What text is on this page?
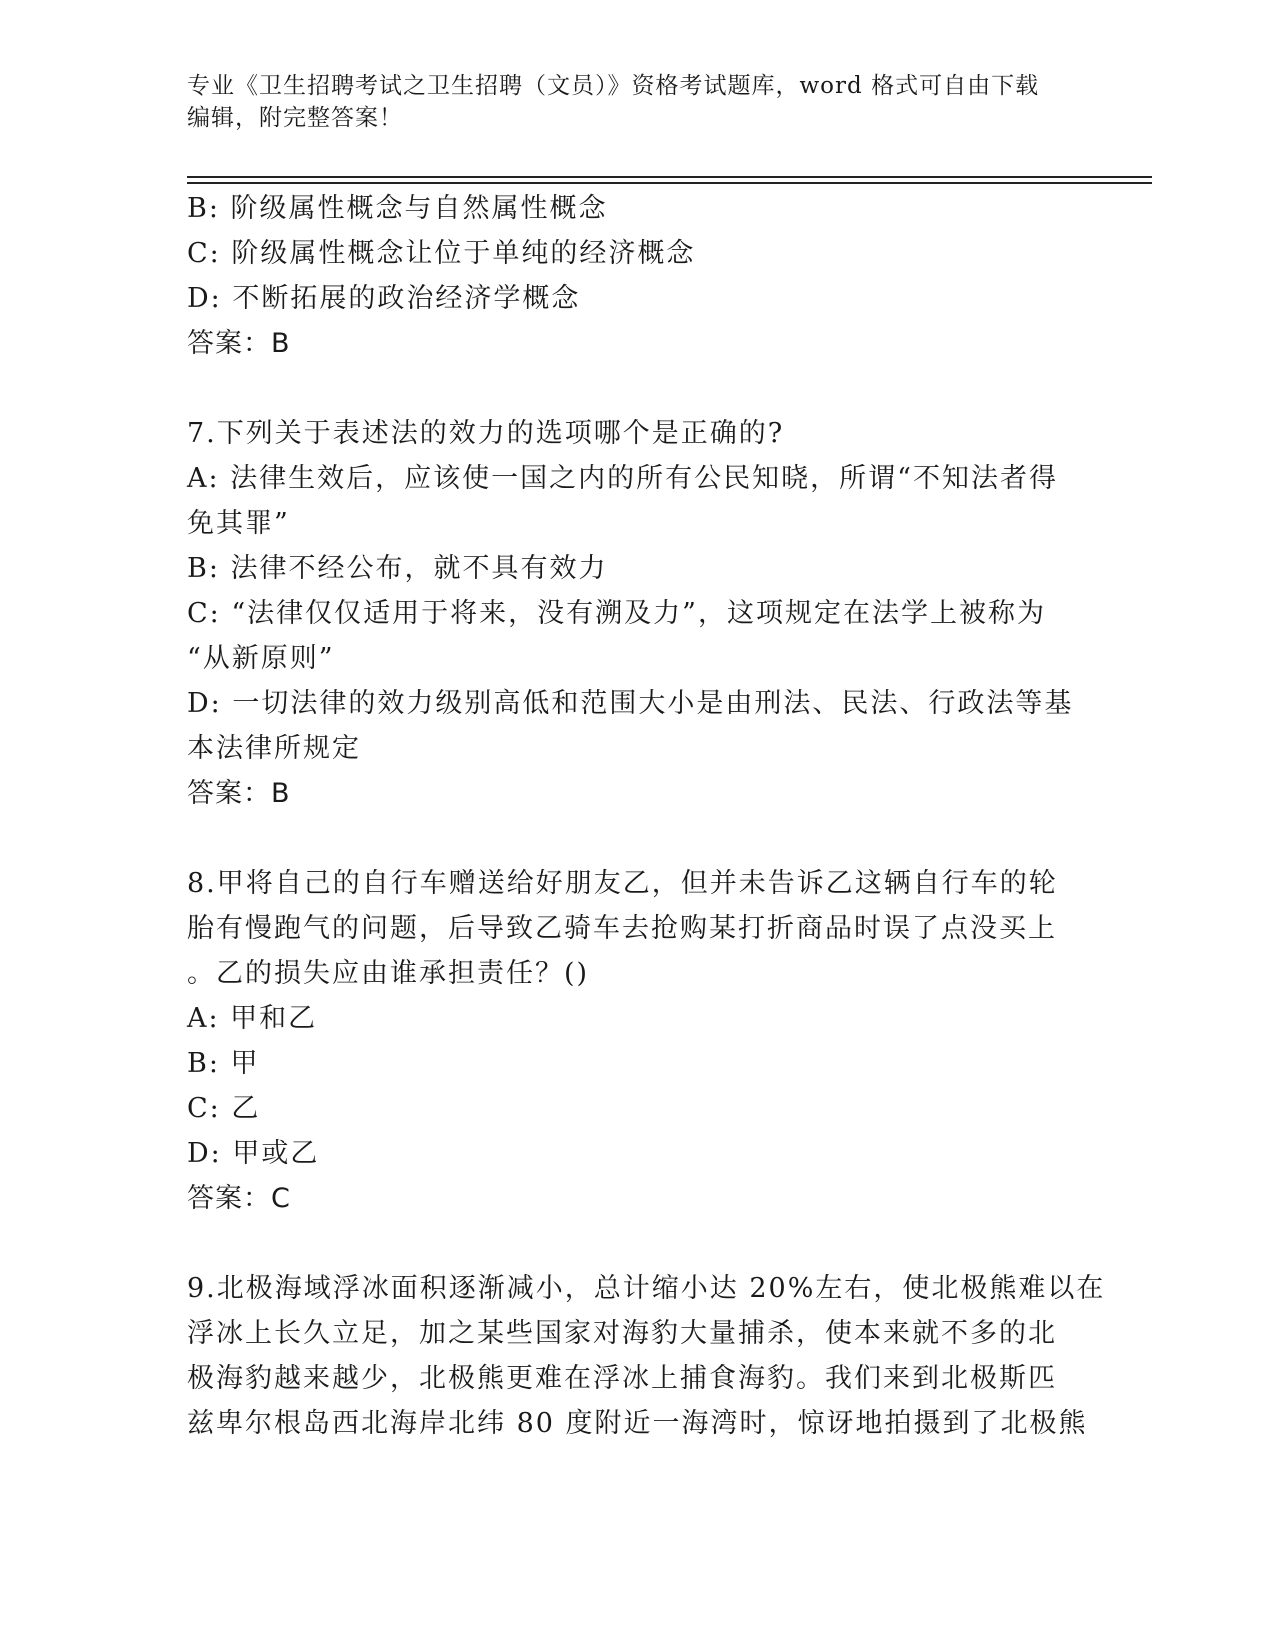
专业《卫生招聘考试之卫生招聘（文员）》资格考试题库，word 格式可自由下载
编辑，附完整答案！
B: 阶级属性概念与自然属性概念
C: 阶级属性概念让位于单纯的经济概念
D: 不断拓展的政治经济学概念
答案：B
7.下列关于表述法的效力的选项哪个是正确的?
A: 法律生效后，应该使一国之内的所有公民知晓，所谓“不知法者得
免其罪”
B: 法律不经公布，就不具有效力
C: “法律仅仅适用于将来，没有溯及力”，这项规定在法学上被称为
“从新原则”
D: 一切法律的效力级别高低和范围大小是由刑法、民法、行政法等基
本法律所规定
答案：B
8.甲将自己的自行车赠送给好朋友乙，但并未告诉乙这辆自行车的轮
胎有慢跑气的问题，后导致乙骑车去抢购某打折商品时误了点没买上
。乙的损失应由谁承担责任？()
A: 甲和乙
B: 甲
C: 乙
D: 甲或乙
答案：C
9.北极海域浮冰面积逐渐减小，总计缩小达 20%左右，使北极熊难以在
浮冰上长久立足，加之某些国家对海豹大量捕杀，使本来就不多的北
极海豹越来越少，北极熊更难在浮冰上捕食海豹。我们来到北极斯匹
兹卑尔根岛西北海岸北纬 80 度附近一海湾时，惊讶地拍摄到了北极熊
